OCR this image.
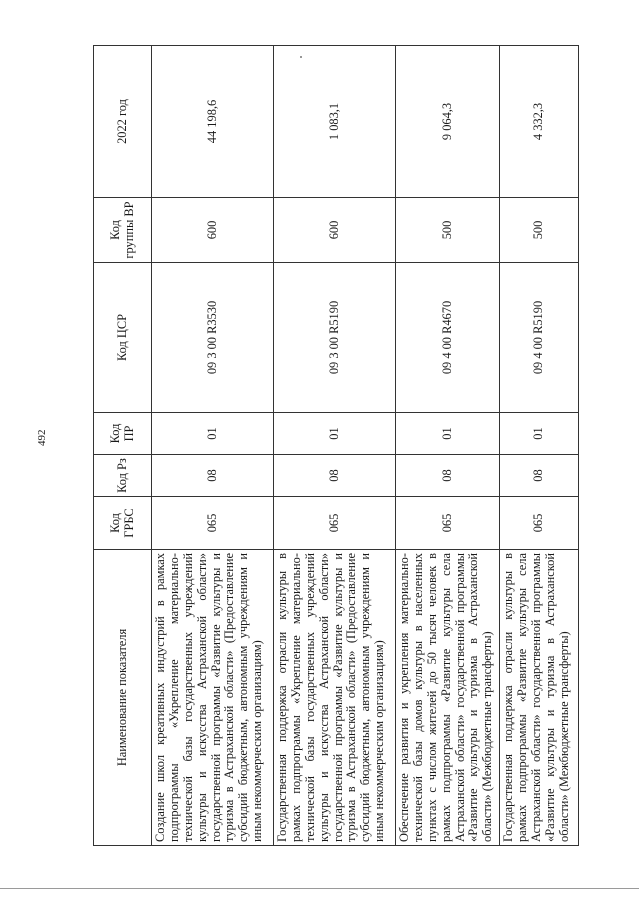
492
Наименование показателя	Код ГРБС	Код Рз	Код ПР	Код ЦСР	Код группы ВР	2022 год
Создание школ креативных индустрий в рамках подпрограммы «Укрепление материально-технической базы государственных учреждений культуры и искусства Астраханской области» государственной программы «Развитие культуры и туризма в Астраханской области» (Предоставление субсидий бюджетным, автономным учреждениям и иным некоммерческим организациям)	065	08	01	09 3 00 R3530	600	44 198,6
Государственная поддержка отрасли культуры в рамках подпрограммы «Укрепление материально-технической базы государственных учреждений культуры и искусства Астраханской области» государственной программы «Развитие культуры и туризма в Астраханской области» (Предоставление субсидий бюджетным, автономным учреждениям и иным некоммерческим организациям)	065	08	01	09 3 00 R5190	600	1 083,1
Обеспечение развития и укрепления материально-технической базы домов культуры в населенных пунктах с числом жителей до 50 тысяч человек в рамках подпрограммы «Развитие культуры села Астраханской области» государственной программы «Развитие культуры и туризма в Астраханской области» (Межбюджетные трансферты)	065	08	01	09 4 00 R4670	500	9 064,3
Государственная поддержка отрасли культуры в рамках подпрограммы «Развитие культуры села Астраханской области» государственной программы «Развитие культуры и туризма в Астраханской области» (Межбюджетные трансферты)	065	08	01	09 4 00 R5190	500	4 332,3
